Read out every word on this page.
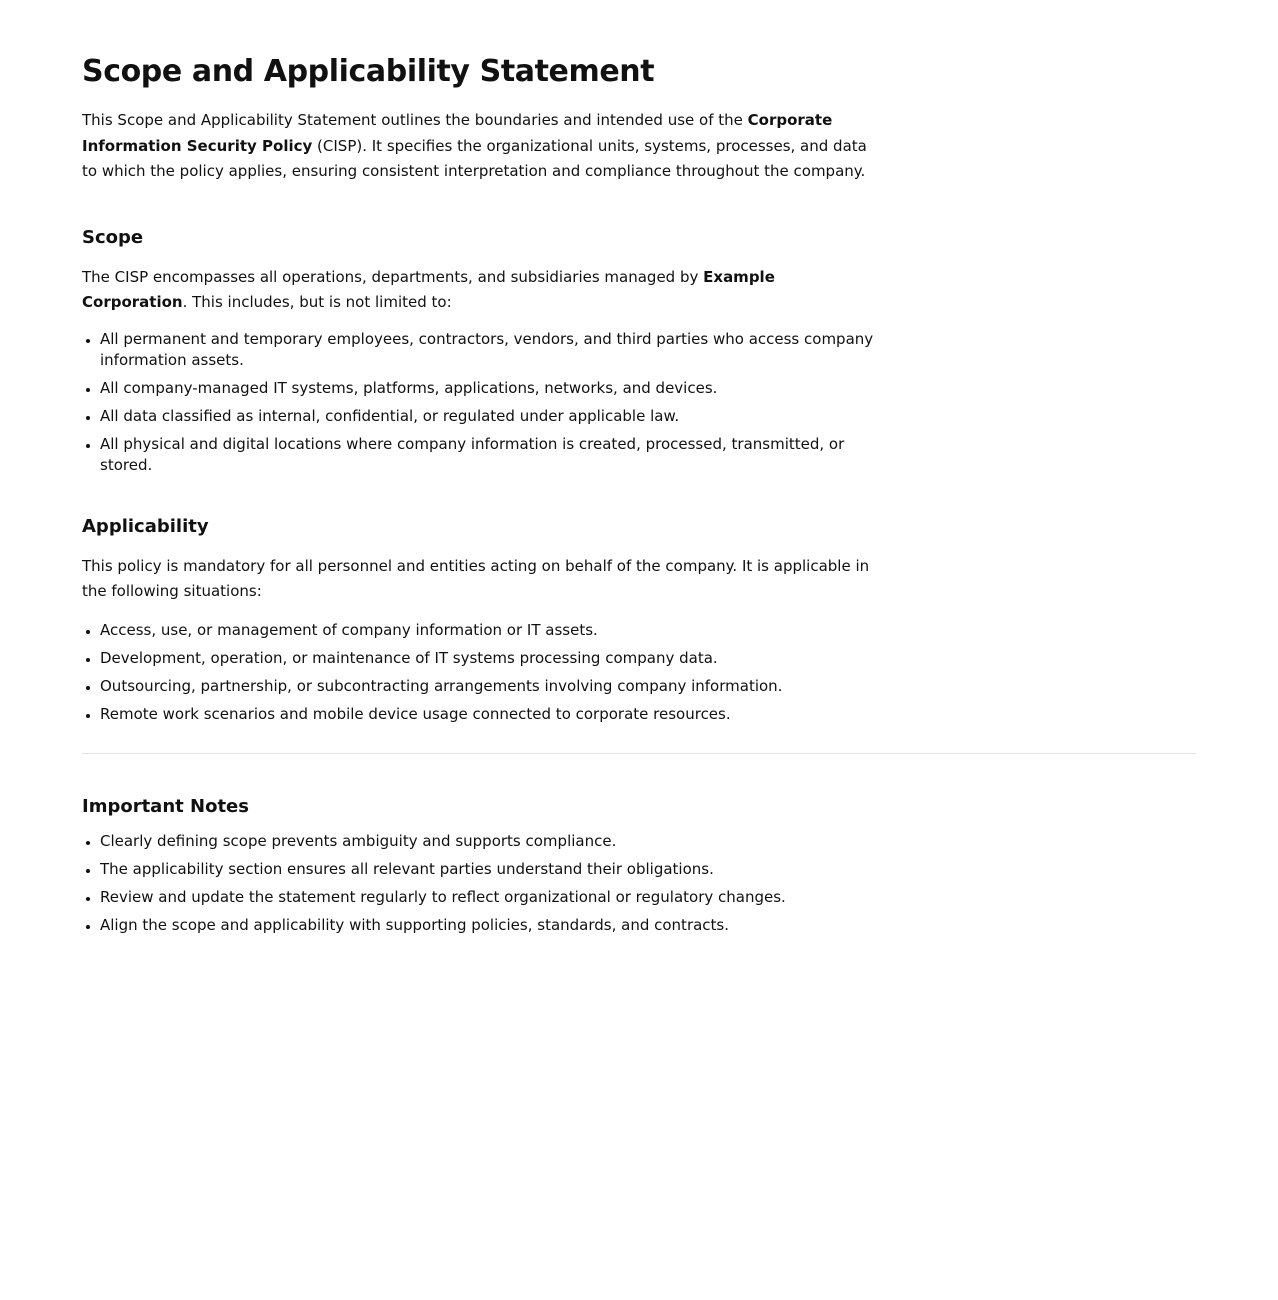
Scope and Applicability Statement

This Scope and Applicability Statement outlines the boundaries and intended use of the Corporate Information Security Policy (CISP). It specifies the organizational units, systems, processes, and data to which the policy applies, ensuring consistent interpretation and compliance throughout the company.

Scope

The CISP encompasses all operations, departments, and subsidiaries managed by Example Corporation. This includes, but is not limited to:

• All permanent and temporary employees, contractors, vendors, and third parties who access company information assets.
• All company-managed IT systems, platforms, applications, networks, and devices.
• All data classified as internal, confidential, or regulated under applicable law.
• All physical and digital locations where company information is created, processed, transmitted, or stored.
Applicability

This policy is mandatory for all personnel and entities acting on behalf of the company. It is applicable in the following situations:

• Access, use, or management of company information or IT assets.
• Development, operation, or maintenance of IT systems processing company data.
• Outsourcing, partnership, or subcontracting arrangements involving company information.
• Remote work scenarios and mobile device usage connected to corporate resources.
Important Notes
• Clearly defining scope prevents ambiguity and supports compliance.
• The applicability section ensures all relevant parties understand their obligations.
• Review and update the statement regularly to reflect organizational or regulatory changes.
• Align the scope and applicability with supporting policies, standards, and contracts.
